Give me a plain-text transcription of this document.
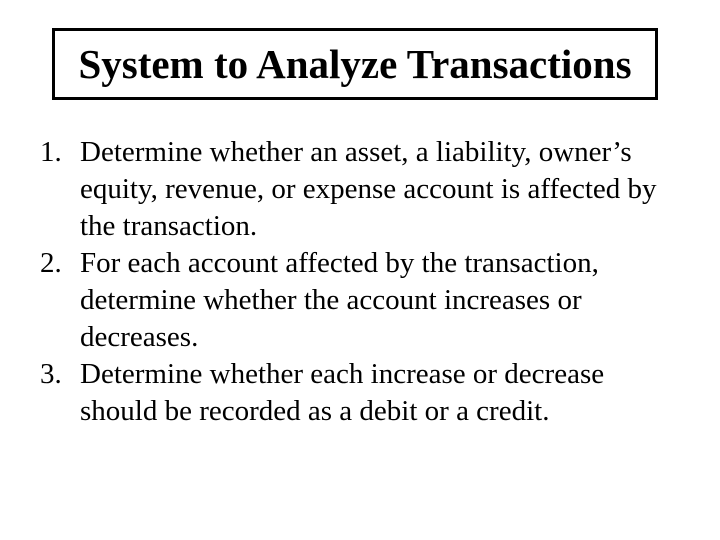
System to Analyze Transactions
1. Determine whether an asset, a liability, owner’s equity, revenue, or expense account is affected by the transaction.
2. For each account affected by the transaction, determine whether the account increases or decreases.
3. Determine whether each increase or decrease should be recorded as a debit or a credit.
